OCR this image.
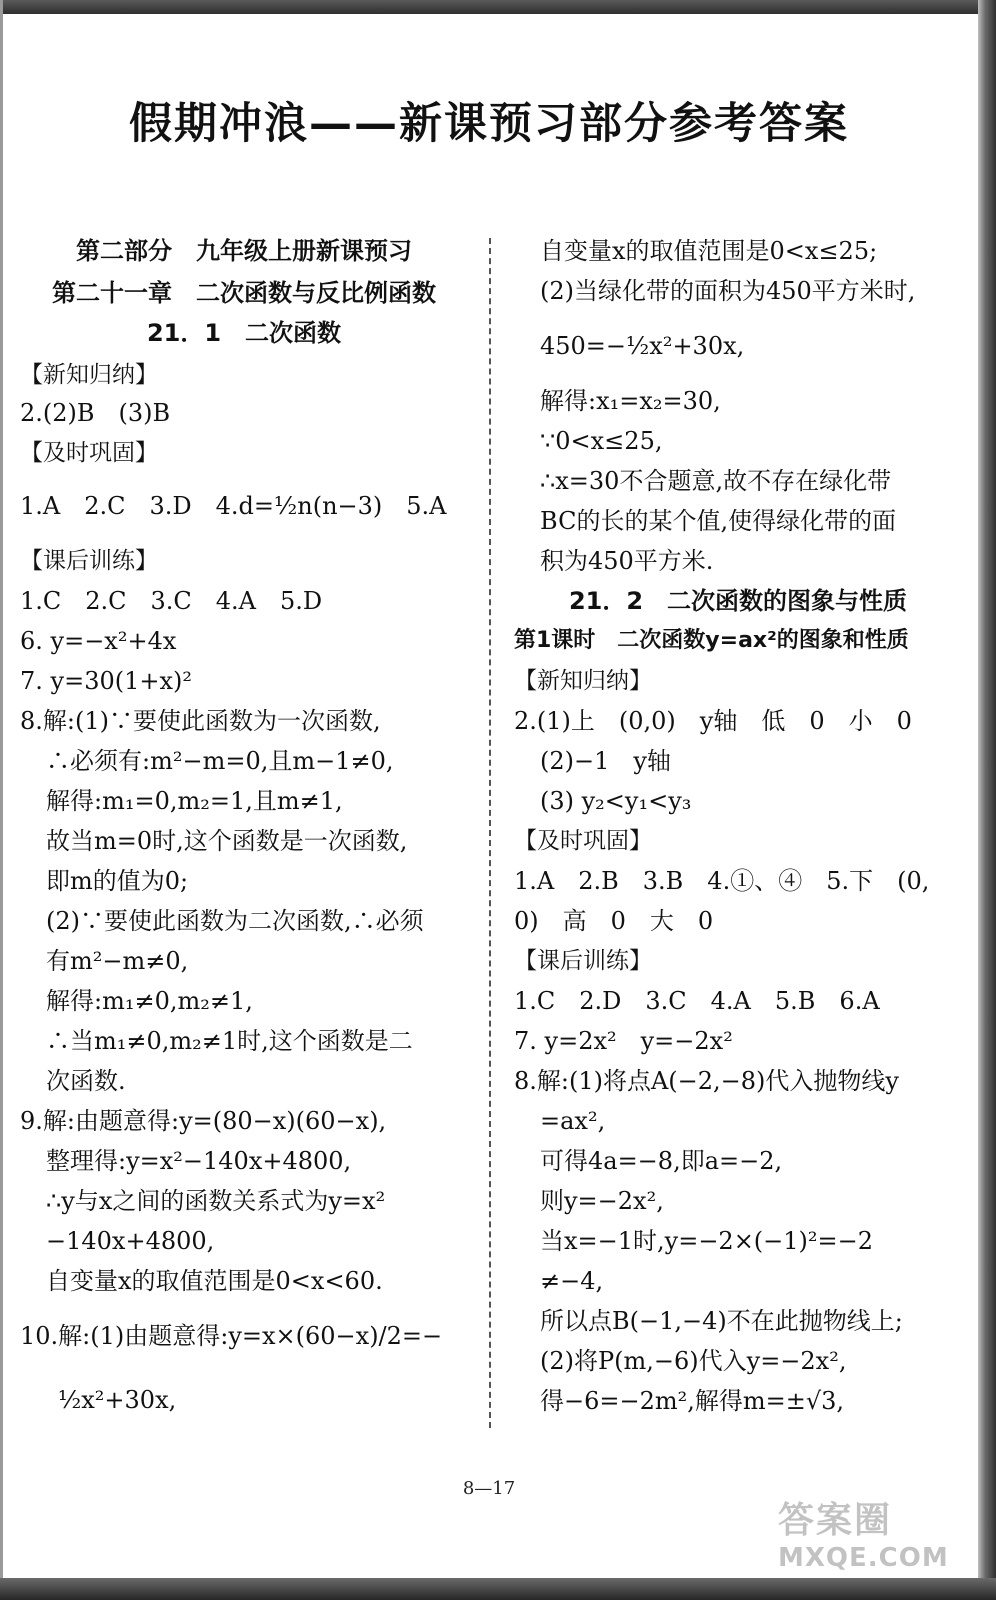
假期冲浪——新课预习部分参考答案
第二部分　九年级上册新课预习
第二十一章　二次函数与反比例函数
21．1　二次函数
【新知归纳】
2.(2)B　(3)B
【及时巩固】
1.A　2.C　3.D　4.d=½n(n−3)　5.A
【课后训练】
1.C　2.C　3.C　4.A　5.D
6. y=−x²+4x
7. y=30(1+x)²
8.解:(1)∵要使此函数为一次函数,
∴必须有:m²−m=0,且m−1≠0,
解得:m₁=0,m₂=1,且m≠1,
故当m=0时,这个函数是一次函数,
即m的值为0;
(2)∵要使此函数为二次函数,∴必须
有m²−m≠0,
解得:m₁≠0,m₂≠1,
∴当m₁≠0,m₂≠1时,这个函数是二
次函数.
9.解:由题意得:y=(80−x)(60−x),
整理得:y=x²−140x+4800,
∴y与x之间的函数关系式为y=x²
−140x+4800,
自变量x的取值范围是0<x<60.
10.解:(1)由题意得:y=x×(60−x)/2=−
½x²+30x,
自变量x的取值范围是0<x≤25;
(2)当绿化带的面积为450平方米时,
450=−½x²+30x,
解得:x₁=x₂=30,
∵0<x≤25,
∴x=30不合题意,故不存在绿化带
BC的长的某个值,使得绿化带的面
积为450平方米.
21．2　二次函数的图象与性质
第1课时　二次函数y=ax²的图象和性质
【新知归纳】
2.(1)上　(0,0)　y轴　低　0　小　0
(2)−1　y轴
(3) y₂<y₁<y₃
【及时巩固】
1.A　2.B　3.B　4.①、④　5.下　(0,
0)　高　0　大　0
【课后训练】
1.C　2.D　3.C　4.A　5.B　6.A
7. y=2x²　y=−2x²
8.解:(1)将点A(−2,−8)代入抛物线y
=ax²,
可得4a=−8,即a=−2,
则y=−2x²,
当x=−1时,y=−2×(−1)²=−2
≠−4,
所以点B(−1,−4)不在此抛物线上;
(2)将P(m,−6)代入y=−2x²,
得−6=−2m²,解得m=±√3,
8—17
答案圈
MXQE.COM
